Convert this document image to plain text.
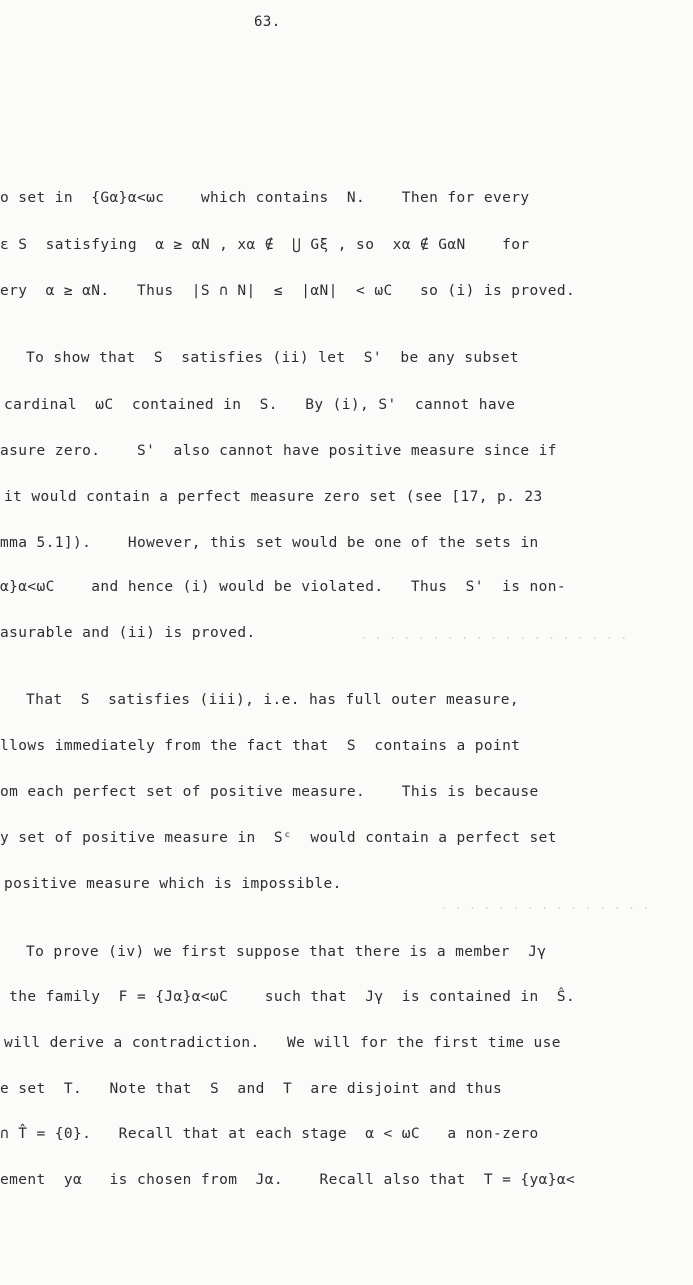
63.
. . . . . . . . . . . . . . . . . . .
. . . . . . . . . . . . . . .
o set in  {Gα}α<ωc    which contains  N.    Then for every
ε S  satisfying  α ≥ αN , xα ∉  ⋃ Gξ , so  xα ∉ GαN    for
ery  α ≥ αN.   Thus  |S ∩ N|  ≤  |αN|  < ωC   so (i) is proved.
To show that  S  satisfies (ii) let  S'  be any subset
cardinal  ωC  contained in  S.   By (i), S'  cannot have
asure zero.    S'  also cannot have positive measure since if
it would contain a perfect measure zero set (see [17, p. 23
mma 5.1]).    However, this set would be one of the sets in
α}α<ωC    and hence (i) would be violated.   Thus  S'  is non-
asurable and (ii) is proved.
That  S  satisfies (iii), i.e. has full outer measure,
llows immediately from the fact that  S  contains a point
om each perfect set of positive measure.    This is because
y set of positive measure in  Sᶜ  would contain a perfect set
positive measure which is impossible.
To prove (iv) we first suppose that there is a member  Jγ
the family  F = {Jα}α<ωC    such that  Jγ  is contained in  Ŝ.
will derive a contradiction.   We will for the first time use
e set  T.   Note that  S  and  T  are disjoint and thus
∩ T̂ = {0}.   Recall that at each stage  α < ωC   a non-zero
ement  yα   is chosen from  Jα.    Recall also that  T = {yα}α<
